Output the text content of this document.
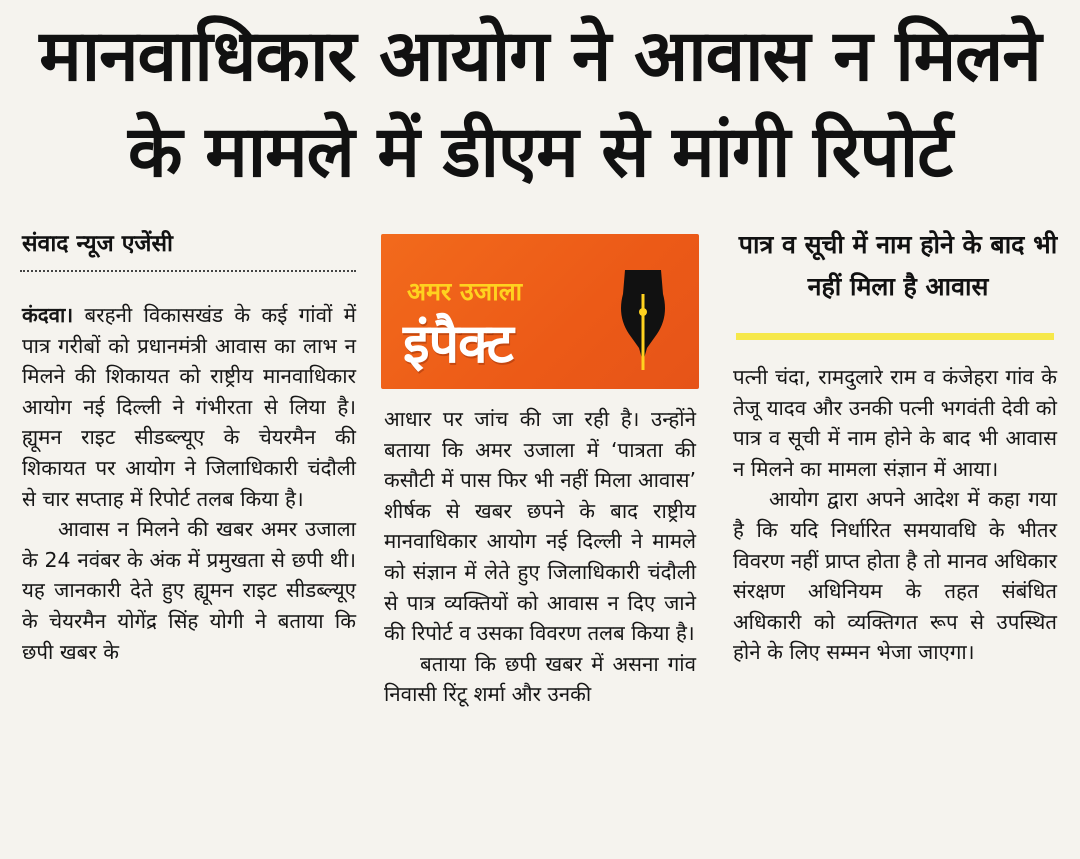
मानवाधिकार आयोग ने आवास न मिलने
के मामले में डीएम से मांगी रिपोर्ट
संवाद न्यूज एजेंसी

कंदवा। बरहनी विकासखंड के कई गांवों में पात्र गरीबों को प्रधानमंत्री आवास का लाभ न मिलने की शिकायत को राष्ट्रीय मानवाधिकार आयोग नई दिल्ली ने गंभीरता से लिया है। ह्यूमन राइट सीडब्ल्यूए के चेयरमैन की शिकायत पर आयोग ने जिलाधिकारी चंदौली से चार सप्ताह में रिपोर्ट तलब किया है।

आवास न मिलने की खबर अमर उजाला के 24 नवंबर के अंक में प्रमुखता से छपी थी। यह जानकारी देते हुए ह्यूमन राइट सीडब्ल्यूए के चेयरमैन योगेंद्र सिंह योगी ने बताया कि छपी खबर के

अमर उजाला
इंपैक्ट

आधार पर जांच की जा रही है। उन्होंने बताया कि अमर उजाला में ‘पात्रता की कसौटी में पास फिर भी नहीं मिला आवास’ शीर्षक से खबर छपने के बाद राष्ट्रीय मानवाधिकार आयोग नई दिल्ली ने मामले को संज्ञान में लेते हुए जिलाधिकारी चंदौली से पात्र व्यक्तियों को आवास न दिए जाने की रिपोर्ट व उसका विवरण तलब किया है।

बताया कि छपी खबर में असना गांव निवासी रिंटू शर्मा और उनकी

पात्र व सूची में नाम होने के बाद भी नहीं मिला है आवास

पत्नी चंदा, रामदुलारे राम व कंजेहरा गांव के तेजू यादव और उनकी पत्नी भगवंती देवी को पात्र व सूची में नाम होने के बाद भी आवास न मिलने का मामला संज्ञान में आया।

आयोग द्वारा अपने आदेश में कहा गया है कि यदि निर्धारित समयावधि के भीतर विवरण नहीं प्राप्त होता है तो मानव अधिकार संरक्षण अधिनियम के तहत संबंधित अधिकारी को व्यक्तिगत रूप से उपस्थित होने के लिए सम्मन भेजा जाएगा।
